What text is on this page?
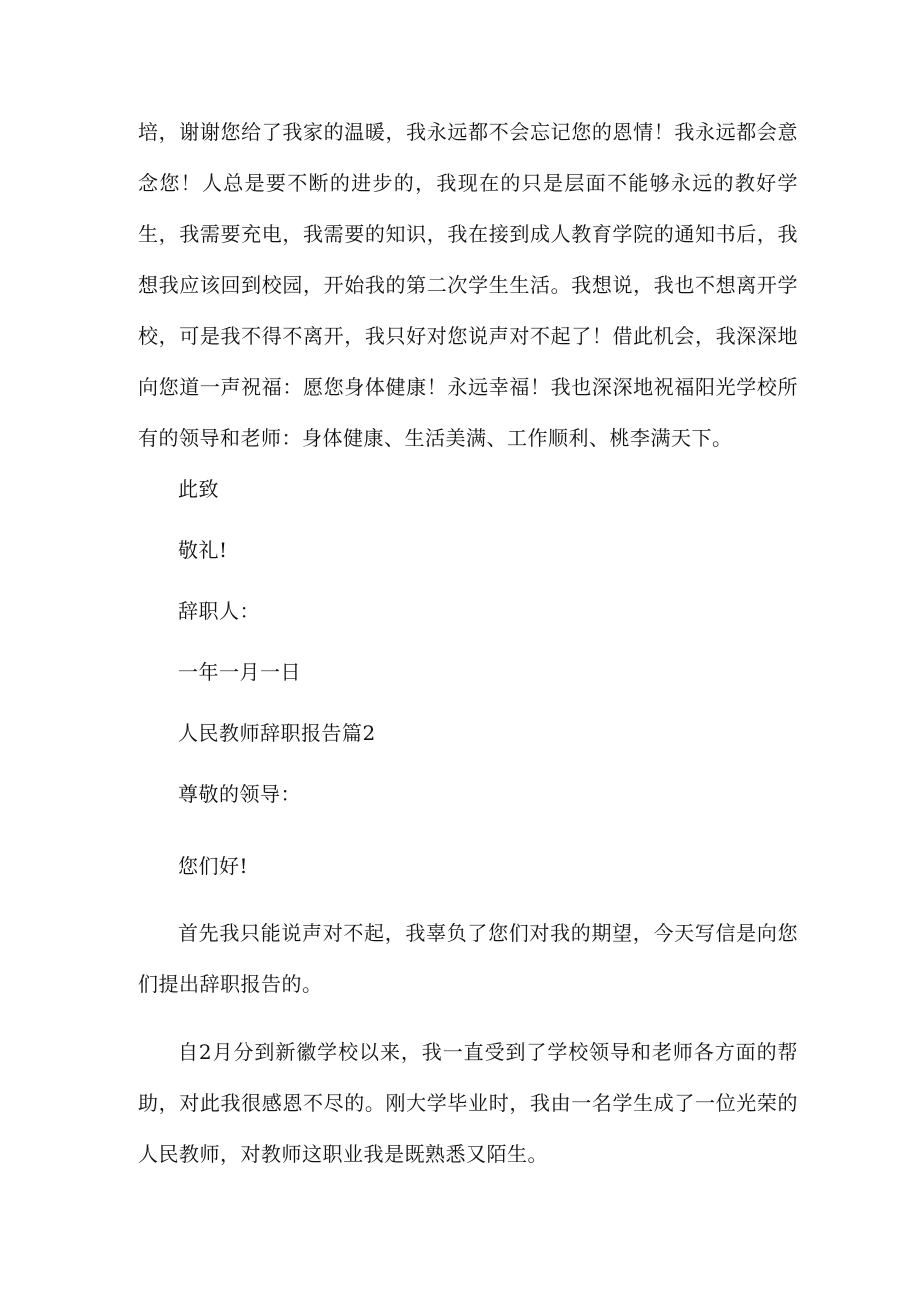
培，谢谢您给了我家的温暖，我永远都不会忘记您的恩情！我永远都会意念您！人总是要不断的进步的，我现在的只是层面不能够永远的教好学生，我需要充电，我需要的知识，我在接到成人教育学院的通知书后，我想我应该回到校园，开始我的第二次学生生活。我想说，我也不想离开学校，可是我不得不离开，我只好对您说声对不起了！借此机会，我深深地向您道一声祝福：愿您身体健康！永远幸福！我也深深地祝福阳光学校所有的领导和老师：身体健康、生活美满、工作顺利、桃李满天下。

此致

敬礼!

辞职人：

一年一月一日

人民教师辞职报告篇2

尊敬的领导：

您们好!

首先我只能说声对不起，我辜负了您们对我的期望，今天写信是向您们提出辞职报告的。

自2月分到新徽学校以来，我一直受到了学校领导和老师各方面的帮助，对此我很感恩不尽的。刚大学毕业时，我由一名学生成了一位光荣的人民教师，对教师这职业我是既熟悉又陌生。
